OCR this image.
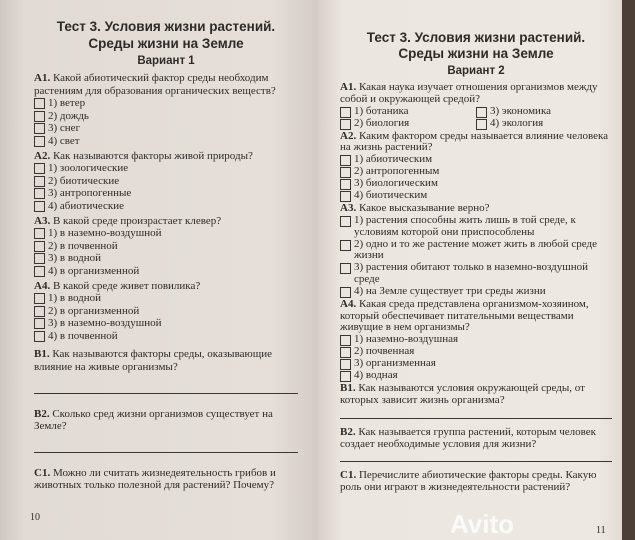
Тест 3. Условия жизни растений.
Среды жизни на Земле
Вариант 1
A1. Какой абиотический фактор среды необходим растениям для образования органических веществ?
1) ветер
2) дождь
3) снег
4) свет
A2. Как называются факторы живой природы?
1) зоологические
2) биотические
3) антропогенные
4) абиотические
A3. В какой среде произрастает клевер?
1) в наземно-воздушной
2) в почвенной
3) в водной
4) в организменной
A4. В какой среде живет повилика?
1) в водной
2) в организменной
3) в наземно-воздушной
4) в почвенной
B1. Как называются факторы среды, оказывающие влияние на живые организмы?
B2. Сколько сред жизни организмов существует на Земле?
C1. Можно ли считать жизнедеятельность грибов и животных только полезной для растений? Почему?
10
Тест 3. Условия жизни растений.
Среды жизни на Земле
Вариант 2
A1. Какая наука изучает отношения организмов между собой и окружающей средой?
1) ботаника	3) экономика
2) биология	4) экология
A2. Каким фактором среды называется влияние человека на жизнь растений?
1) абиотическим
2) антропогенным
3) биологическим
4) биотическим
A3. Какое высказывание верно?
1) растения способны жить лишь в той среде, к условиям которой они приспособлены
2) одно и то же растение может жить в любой среде жизни
3) растения обитают только в наземно-воздушной среде
4) на Земле существует три среды жизни
A4. Какая среда представлена организмом-хозяином, который обеспечивает питательными веществами живущие в нем организмы?
1) наземно-воздушная
2) почвенная
3) организменная
4) водная
B1. Как называются условия окружающей среды, от которых зависит жизнь организма?
B2. Как называется группа растений, которым человек создает необходимые условия для жизни?
C1. Перечислите абиотические факторы среды. Какую роль они играют в жизнедеятельности растений?
11
Avito
